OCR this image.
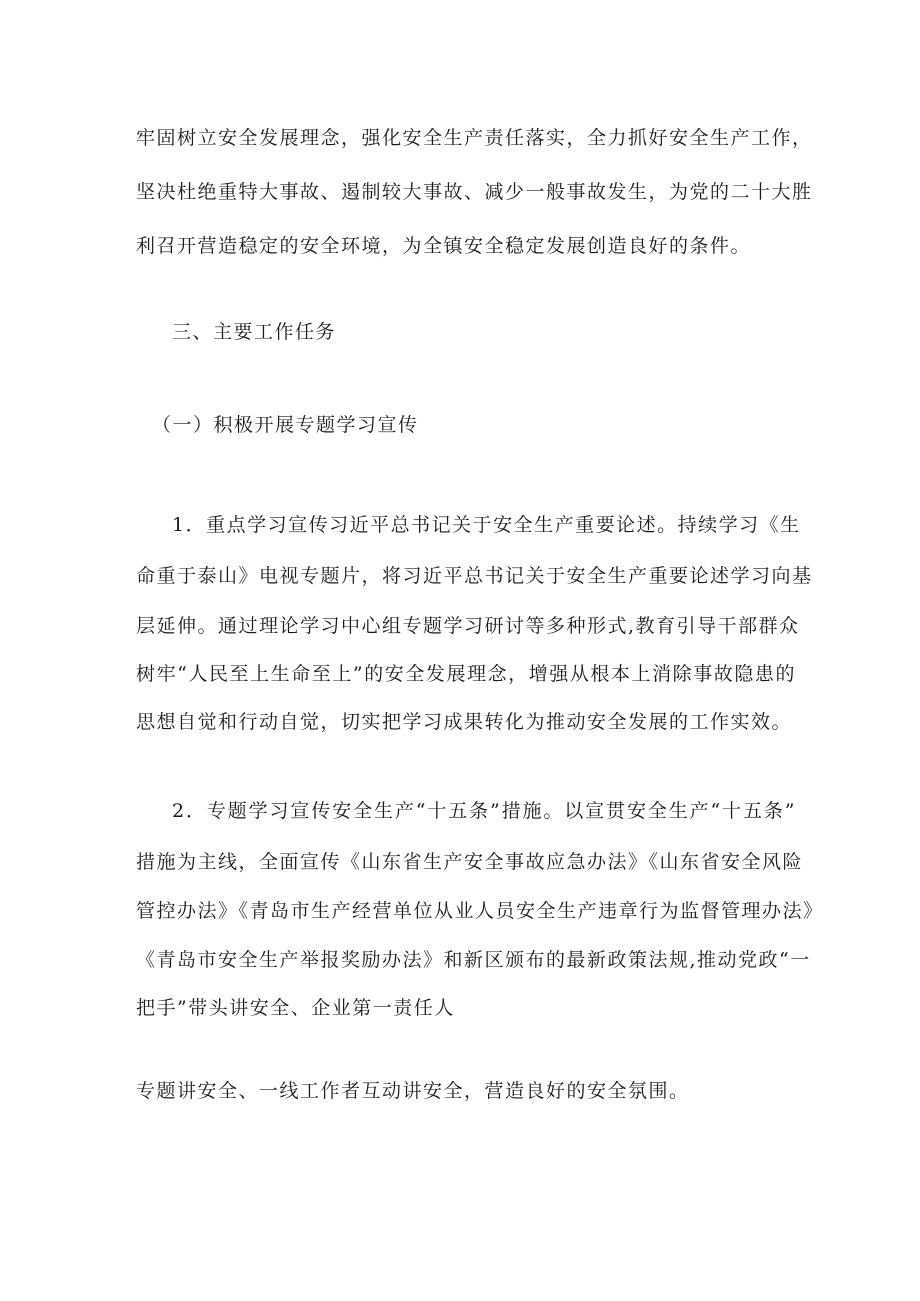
牢固树立安全发展理念，强化安全生产责任落实，全力抓好安全生产工作，
坚决杜绝重特大事故、遏制较大事故、减少一般事故发生，为党的二十大胜
利召开营造稳定的安全环境，为全镇安全稳定发展创造良好的条件。
三、主要工作任务
（一）积极开展专题学习宣传
1．重点学习宣传习近平总书记关于安全生产重要论述。持续学习《生
命重于泰山》电视专题片，将习近平总书记关于安全生产重要论述学习向基
层延伸。通过理论学习中心组专题学习研讨等多种形式,教育引导干部群众
树牢“人民至上生命至上”的安全发展理念，增强从根本上消除事故隐患的
思想自觉和行动自觉，切实把学习成果转化为推动安全发展的工作实效。
2．专题学习宣传安全生产“十五条”措施。以宣贯安全生产“十五条”
措施为主线，全面宣传《山东省生产安全事故应急办法》《山东省安全风险
管控办法》《青岛市生产经营单位从业人员安全生产违章行为监督管理办法》
《青岛市安全生产举报奖励办法》和新区颁布的最新政策法规,推动党政“一
把手”带头讲安全、企业第一责任人
专题讲安全、一线工作者互动讲安全，营造良好的安全氛围。
